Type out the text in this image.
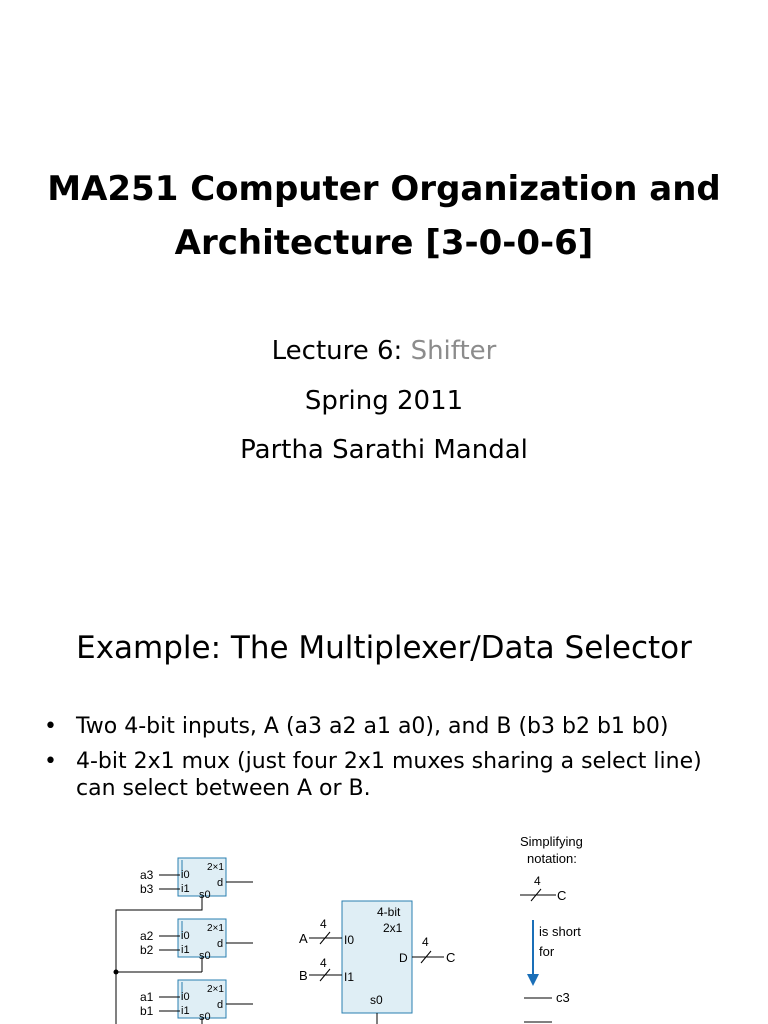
MA251 Computer Organization and
Architecture [3-0-0-6]
Lecture 6: Shifter
Spring 2011
Partha Sarathi Mandal
Example: The Multiplexer/Data Selector
• Two 4-bit inputs, A (a3 a2 a1 a0), and B (b3 b2 b1 b0)
• 4-bit 2x1 mux (just four 2x1 muxes sharing a select line) can select between A or B.
2×1
i0
i1 d
s0
a3
b3
2×1
i0
i1 d
s0
a2
b2
2×1
i0
i1 d
s0
a1
b1
4-bit
2x1
I0
I1
D
s0
A
4
B
4
4
C
Simplifying
notation:
4
C
is short
for
c3
